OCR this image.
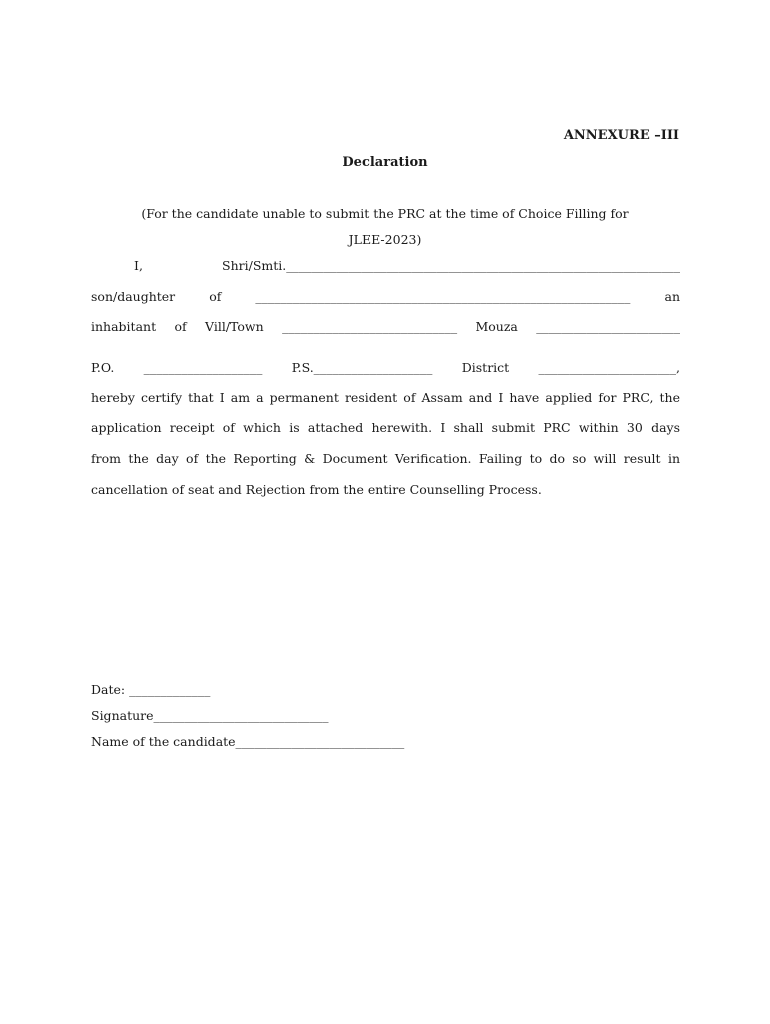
ANNEXURE –III
Declaration
(For the candidate unable to submit the PRC at the time of Choice Filling for
JLEE-2023)
I, Shri/Smti._______________________________________________________________
son/daughter of ____________________________________________________________ an
inhabitant of Vill/Town ____________________________ Mouza _______________________
P.O. ___________________ P.S.___________________ District ______________________,
hereby certify that I am a permanent resident of Assam and I have applied for PRC, the
application receipt of which is attached herewith. I shall submit PRC within 30 days
from the day of the Reporting & Document Verification. Failing to do so will result in
cancellation of seat and Rejection from the entire Counselling Process.
Date: _____________
Signature____________________________
Name of the candidate___________________________
